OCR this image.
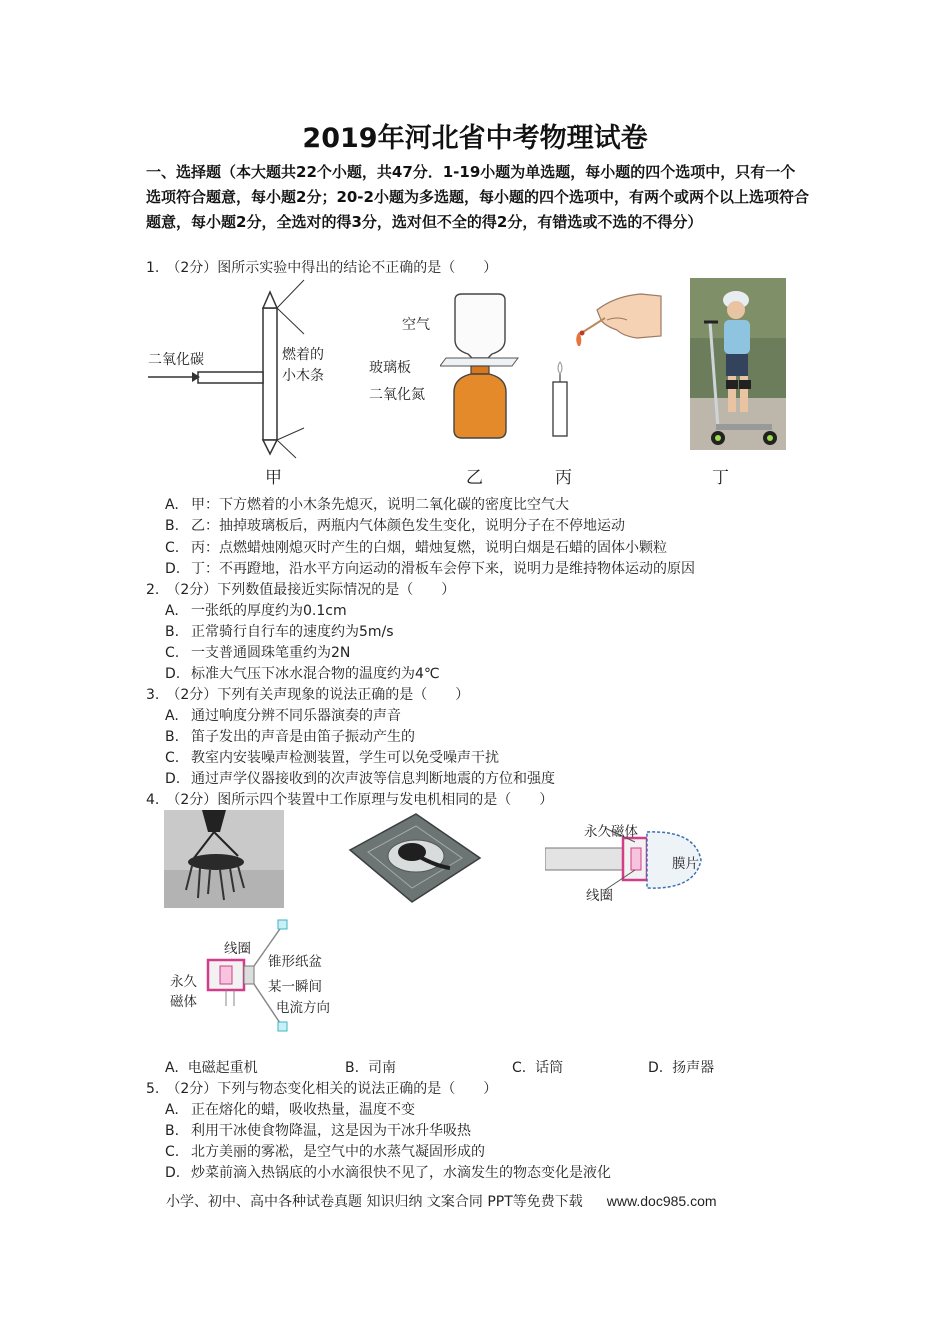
2019年河北省中考物理试卷
一、选择题（本大题共22个小题，共47分．1-19小题为单选题，每小题的四个选项中，只有一个选项符合题意，每小题2分；20-2小题为多选题，每小题的四个选项中，有两个或两个以上选项符合题意，每小题2分，全选对的得3分，选对但不全的得2分，有错选或不选的不得分）
1.　（2分）图所示实验中得出的结论不正确的是（　　）
二氧化碳	燃着的
小木条
甲
空气
玻璃板
二氧化氮
乙	丙	丁
A. 甲：下方燃着的小木条先熄灭，说明二氧化碳的密度比空气大
B. 乙：抽掉玻璃板后，两瓶内气体颜色发生变化，说明分子在不停地运动
C. 丙：点燃蜡烛刚熄灭时产生的白烟，蜡烛复燃，说明白烟是石蜡的固体小颗粒
D. 丁：不再蹬地，沿水平方向运动的滑板车会停下来，说明力是维持物体运动的原因
2.　（2分）下列数值最接近实际情况的是（　　）
A. 一张纸的厚度约为0.1cm
B. 正常骑行自行车的速度约为5m/s
C. 一支普通圆珠笔重约为2N
D. 标准大气压下冰水混合物的温度约为4℃
3.　（2分）下列有关声现象的说法正确的是（　　）
A. 通过响度分辨不同乐器演奏的声音
B. 笛子发出的声音是由笛子振动产生的
C. 教室内安装噪声检测装置，学生可以免受噪声干扰
D. 通过声学仪器接收到的次声波等信息判断地震的方位和强度
4.　（2分）图所示四个装置中工作原理与发电机相同的是（　　）
永久磁体
膜片
线圈
线圈
锥形纸盆
某一瞬间
电流方向
永久
磁体
A. 电磁起重机	B. 司南	C. 话筒	D. 扬声器
5.　（2分）下列与物态变化相关的说法正确的是（　　）
A. 正在熔化的蜡，吸收热量，温度不变
B. 利用干冰使食物降温，这是因为干冰升华吸热
C. 北方美丽的雾凇，是空气中的水蒸气凝固形成的
D. 炒菜前滴入热锅底的小水滴很快不见了，水滴发生的物态变化是液化
小学、初中、高中各种试卷真题 知识归纳 文案合同 PPT等免费下载 www.doc985.com
